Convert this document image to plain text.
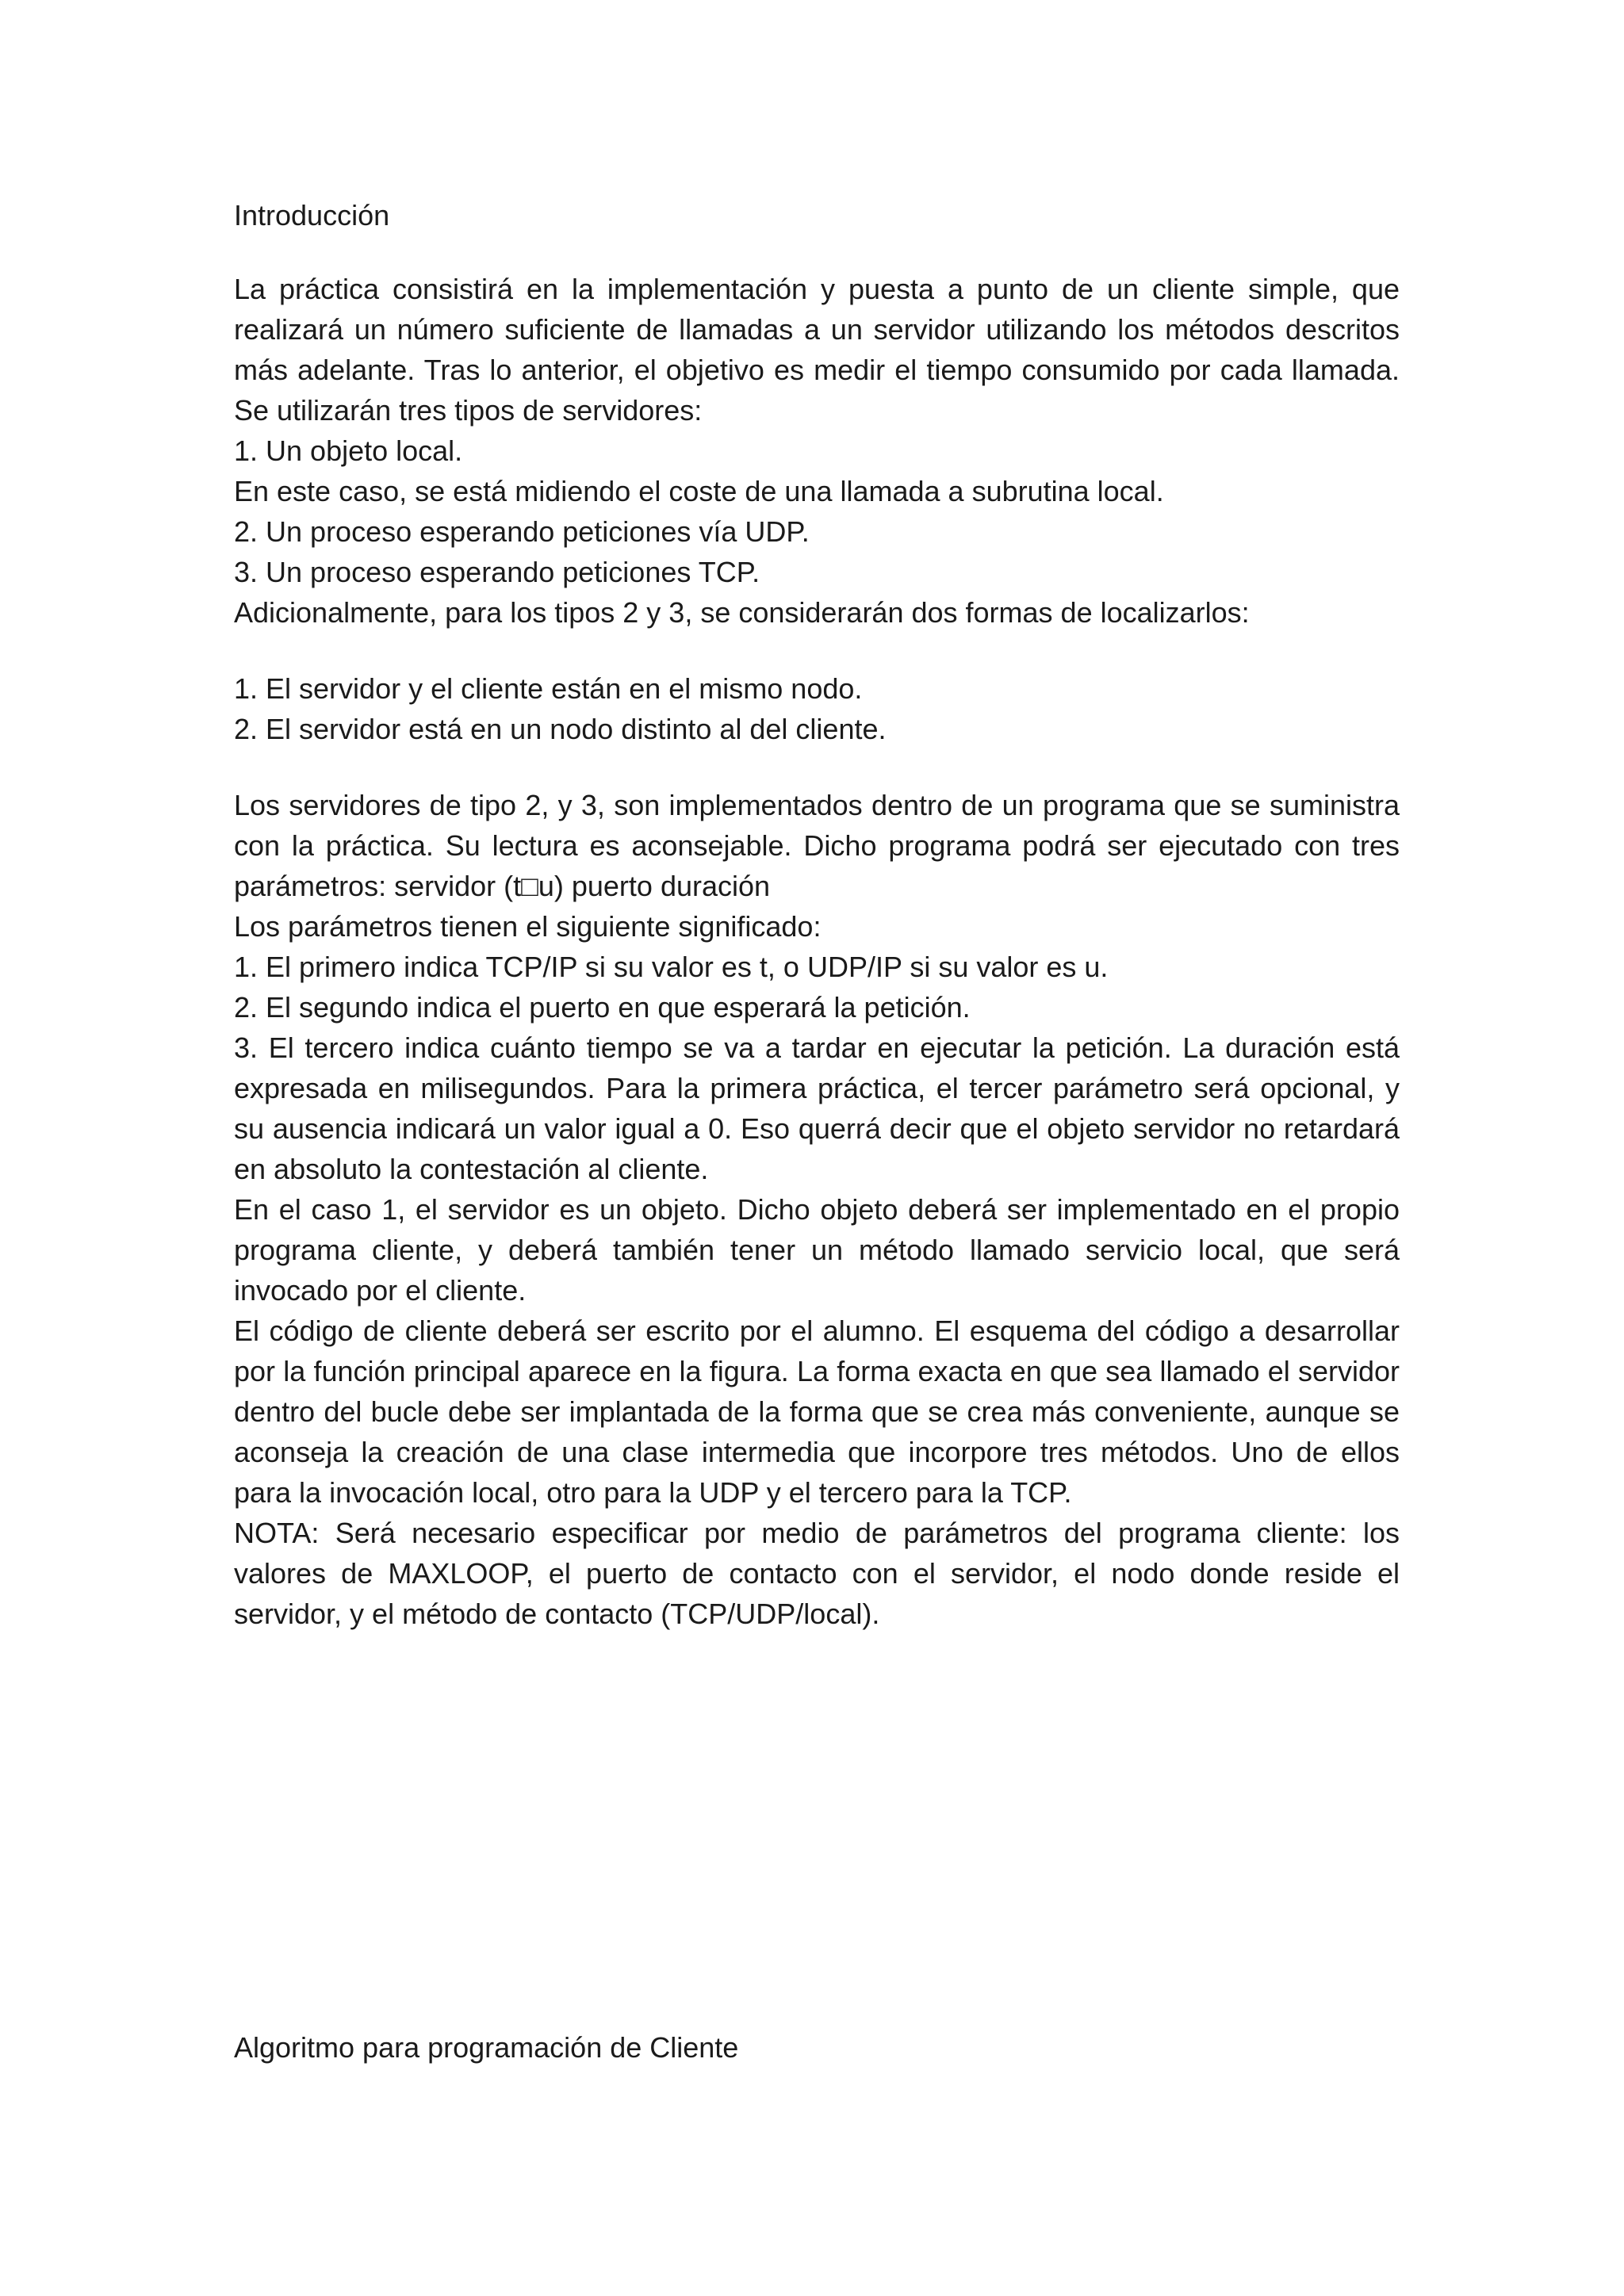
Introducción

La práctica consistirá en la implementación y puesta a punto de un cliente simple, que realizará un número suficiente de llamadas a un servidor utilizando los métodos descritos más adelante. Tras lo anterior, el objetivo es medir el tiempo consumido por cada llamada. Se utilizarán tres tipos de servidores:

1. Un objeto local.

En este caso, se está midiendo el coste de una llamada a subrutina local.

2. Un proceso esperando peticiones vía UDP.

3. Un proceso esperando peticiones TCP.

Adicionalmente, para los tipos 2 y 3, se considerarán dos formas de localizarlos:

1. El servidor y el cliente están en el mismo nodo.

2. El servidor está en un nodo distinto al del cliente.

Los servidores de tipo 2, y 3, son implementados dentro de un programa que se suministra con la práctica. Su lectura es aconsejable. Dicho programa podrá ser ejecutado con tres parámetros: servidor (t□u) puerto duración

Los parámetros tienen el siguiente significado:

1. El primero indica TCP/IP si su valor es t, o UDP/IP si su valor es u.

2. El segundo indica el puerto en que esperará la petición.

3. El tercero indica cuánto tiempo se va a tardar en ejecutar la petición. La duración está expresada en milisegundos. Para la primera práctica, el tercer parámetro será opcional, y su ausencia indicará un valor igual a 0. Eso querrá decir que el objeto servidor no retardará en absoluto la contestación al cliente.

En el caso 1, el servidor es un objeto. Dicho objeto deberá ser implementado en el propio programa cliente, y deberá también tener un método llamado servicio local, que será invocado por el cliente.

El código de cliente deberá ser escrito por el alumno. El esquema del código a desarrollar por la función principal aparece en la figura. La forma exacta en que sea llamado el servidor dentro del bucle debe ser implantada de la forma que se crea más conveniente, aunque se aconseja la creación de una clase intermedia que incorpore tres métodos. Uno de ellos para la invocación local, otro para la UDP y el tercero para la TCP.

NOTA: Será necesario especificar por medio de parámetros del programa cliente: los valores de MAXLOOP, el puerto de contacto con el servidor, el nodo donde reside el servidor, y el método de contacto (TCP/UDP/local).

Algoritmo para programación de Cliente
